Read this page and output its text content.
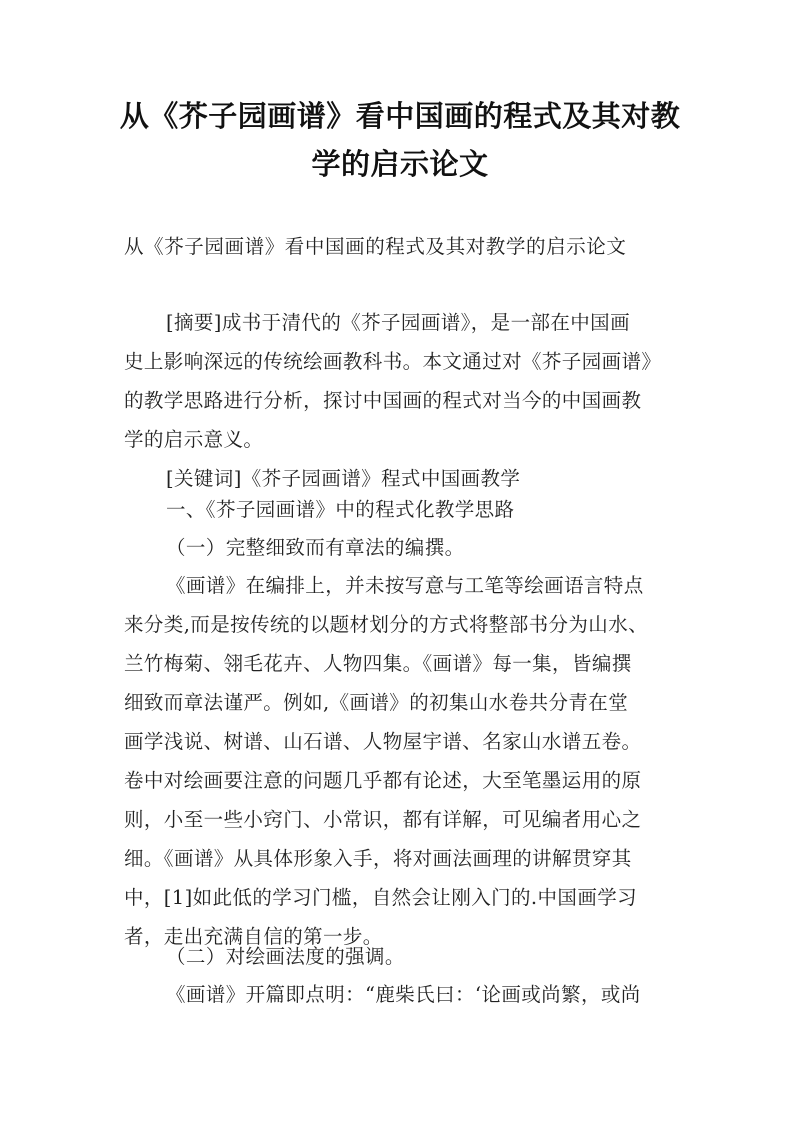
从《芥子园画谱》看中国画的程式及其对教
学的启示论文
从《芥子园画谱》看中国画的程式及其对教学的启示论文
[摘要]成书于清代的《芥子园画谱》，是一部在中国画
史上影响深远的传统绘画教科书。本文通过对《芥子园画谱》
的教学思路进行分析，探讨中国画的程式对当今的中国画教
学的启示意义。
[关键词]《芥子园画谱》程式中国画教学
一、《芥子园画谱》中的程式化教学思路
（一）完整细致而有章法的编撰。
《画谱》在编排上，并未按写意与工笔等绘画语言特点
来分类,而是按传统的以题材划分的方式将整部书分为山水、
兰竹梅菊、翎毛花卉、人物四集。《画谱》每一集，皆编撰
细致而章法谨严。例如,《画谱》的初集山水卷共分青在堂
画学浅说、树谱、山石谱、人物屋宇谱、名家山水谱五卷。
卷中对绘画要注意的问题几乎都有论述，大至笔墨运用的原
则，小至一些小窍门、小常识，都有详解，可见编者用心之
细。《画谱》从具体形象入手，将对画法画理的讲解贯穿其
中，[1]如此低的学习门槛，自然会让刚入门的.中国画学习
者，走出充满自信的第一步。
（二）对绘画法度的强调。
《画谱》开篇即点明：“鹿柴氏曰：‘论画或尚繁，或尚
